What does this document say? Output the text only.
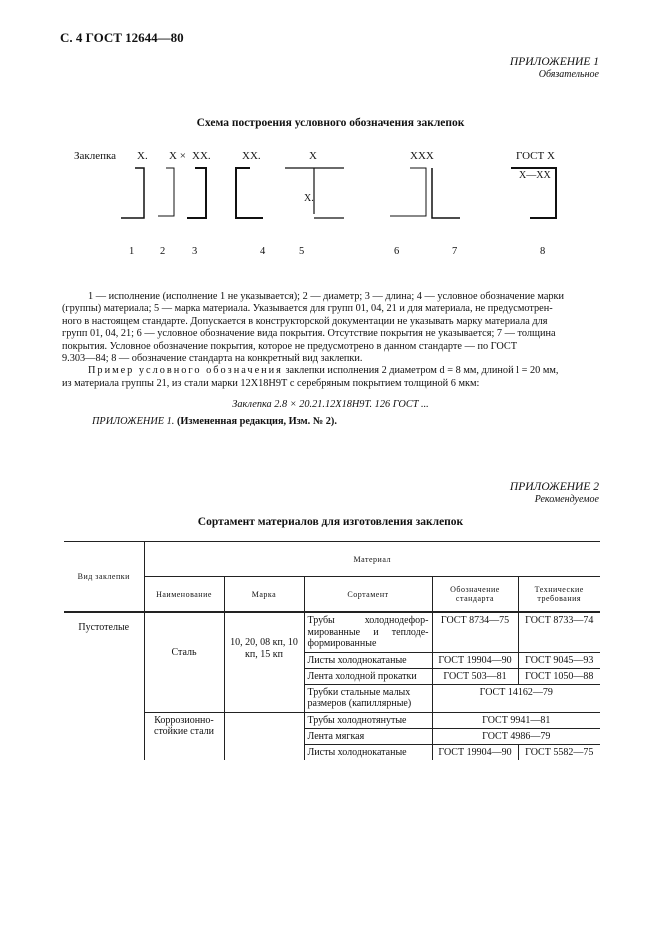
С. 4 ГОСТ 12644—80
ПРИЛОЖЕНИЕ 1
Обязательное
Схема построения условного обозначения заклепок
Заклепка X. X × XX.	XX.	X	XXX	ГОСТ X
X—XX
X.
1 2	3	4	5	6	7	8

1 — исполнение (исполнение 1 не указывается); 2 — диаметр; 3 — длина; 4 — условное обозначение марки

(группы) материала; 5 — марка материала. Указывается для групп 01, 04, 21 и для материала, не предусмотрен-

ного в настоящем стандарте. Допускается в конструкторской документации не указывать марку материала для

групп 01, 04, 21; 6 — условное обозначение вида покрытия. Отсутствие покрытия не указывается; 7 — толщина

покрытия. Условное обозначение покрытия, которое не предусмотрено в данном стандарте — по ГОСТ

9.303—84; 8 — обозначение стандарта на конкретный вид заклепки.

Пример условного обозначения заклепки исполнения 2 диаметром d = 8 мм, длиной l = 20 мм,

из материала группы 21, из стали марки 12Х18Н9Т с серебряным покрытием толщиной 6 мкм:

Заклепка 2.8 × 20.21.12Х18Н9Т. 126 ГОСТ ...
ПРИЛОЖЕНИЕ 1. (Измененная редакция, Изм. № 2).
ПРИЛОЖЕНИЕ 2
Рекомендуемое
Сортамент материалов для изготовления заклепок
Вид заклепки	Материал				
	Наименование	Марка	Сортамент	Обозначение стандарта	Технические требования
Пустотелые	Сталь	10, 20, 08 кп, 10 кп, 15 кп	Трубы холоднодефор-мированные и теплоде-формированные	ГОСТ 8734—75	ГОСТ 8733—74
			Листы холоднокатаные	ГОСТ 19904—90	ГОСТ 9045—93
			Лента холодной прокатки	ГОСТ 503—81	ГОСТ 1050—88
			Трубки стальные малых размеров (капиллярные)	ГОСТ 14162—79	
	Коррозионно-стойкие стали		Трубы холоднотянутые	ГОСТ 9941—81	
			Лента мягкая	ГОСТ 4986—79	
			Листы холоднокатаные	ГОСТ 19904—90	ГОСТ 5582—75
